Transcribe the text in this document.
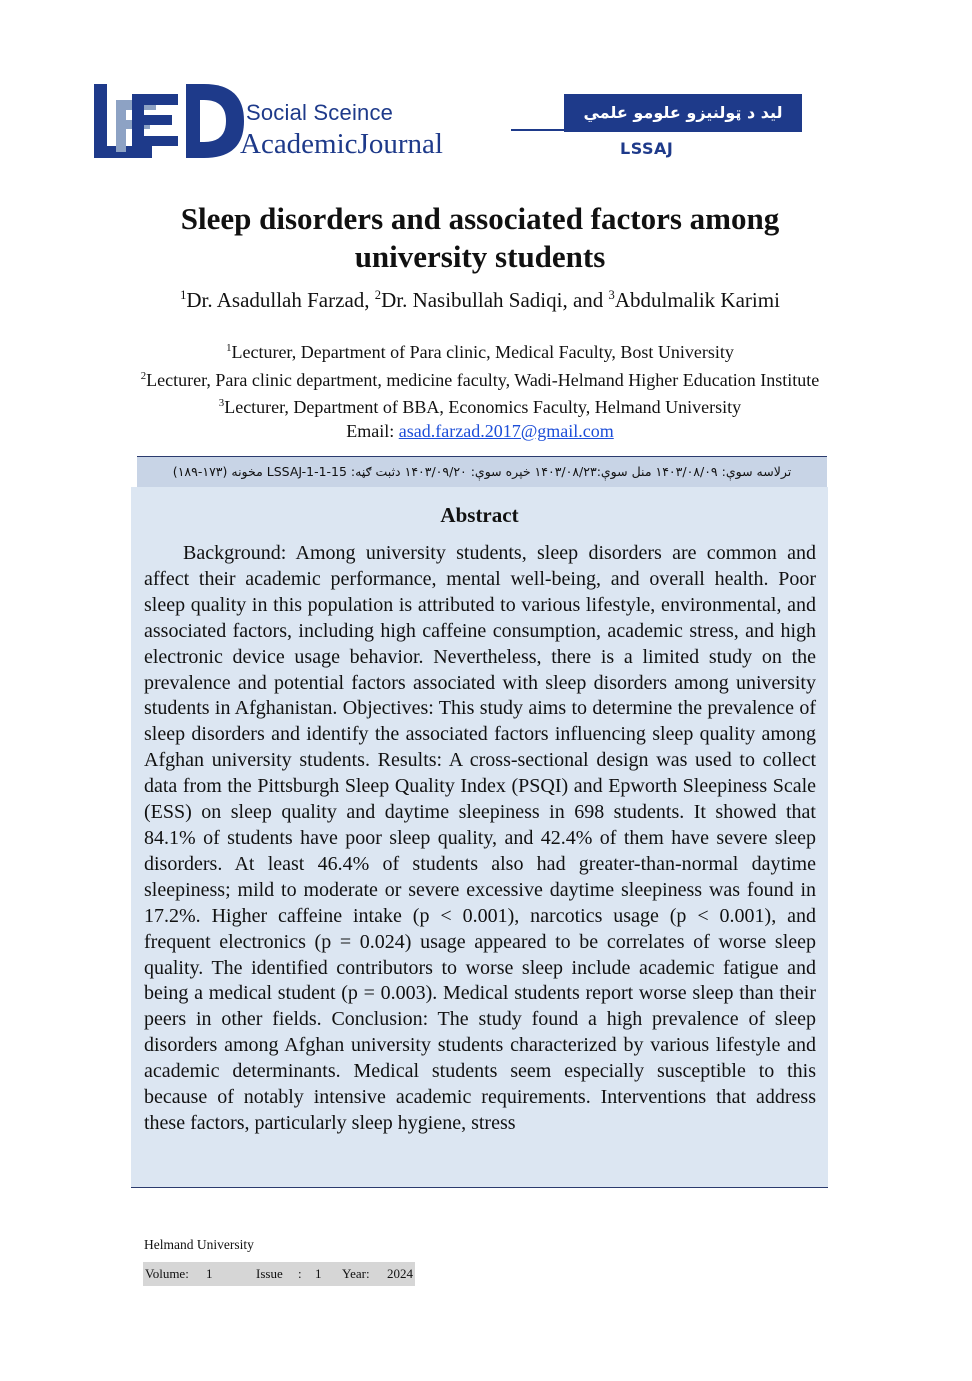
Social Sceince
AcademicJournal
لید د ټولنیزو علومو علمي مجله
LSSAJ
Sleep disorders and associated factors among university students
$^1$Dr. Asadullah Farzad, $^2$Dr. Nasibullah Sadiqi, and $^3$Abdulmalik Karimi
$^1$Lecturer, Department of Para clinic, Medical Faculty, Bost University
$^2$Lecturer, Para clinic department, medicine faculty, Wadi-Helmand Higher Education Institute
$^3$Lecturer, Department of BBA, Economics Faculty, Helmand University
Email: asad.farzad.2017@gmail.com
ترلاسه سوې: ۱۴۰۳/۰۸/۰۹ منل سوې:۱۴۰۳/۰۸/۲۳ خپره سوې: ۱۴۰۳/۰۹/۲۰ دثبت ګڼه: LSSAJ-1-1-15 مخونه (۱۷۳-۱۸۹)
Abstract
Background: Among university students, sleep disorders are common and affect their academic performance, mental well-being, and overall health. Poor sleep quality in this population is attributed to various lifestyle, environmental, and associated factors, including high caffeine consumption, academic stress, and high electronic device usage behavior. Nevertheless, there is a limited study on the prevalence and potential factors associated with sleep disorders among university students in Afghanistan. Objectives: This study aims to determine the prevalence of sleep disorders and identify the associated factors influencing sleep quality among Afghan university students. Results: A cross-sectional design was used to collect data from the Pittsburgh Sleep Quality Index (PSQI) and Epworth Sleepiness Scale (ESS) on sleep quality and daytime sleepiness in 698 students. It showed that 84.1% of students have poor sleep quality, and 42.4% of them have severe sleep disorders. At least 46.4% of students also had greater-than-normal daytime sleepiness; mild to moderate or severe excessive daytime sleepiness was found in 17.2%. Higher caffeine intake (p < 0.001), narcotics usage (p < 0.001), and frequent electronics (p = 0.024) usage appeared to be correlates of worse sleep quality. The identified contributors to worse sleep include academic fatigue and being a medical student (p = 0.003). Medical students report worse sleep than their peers in other fields. Conclusion: The study found a high prevalence of sleep disorders among Afghan university students characterized by various lifestyle and academic determinants. Medical students seem especially susceptible to this because of notably intensive academic requirements. Interventions that address these factors, particularly sleep hygiene, stress
Helmand University
Volume: 1	Issue : 1 Year: 2024
